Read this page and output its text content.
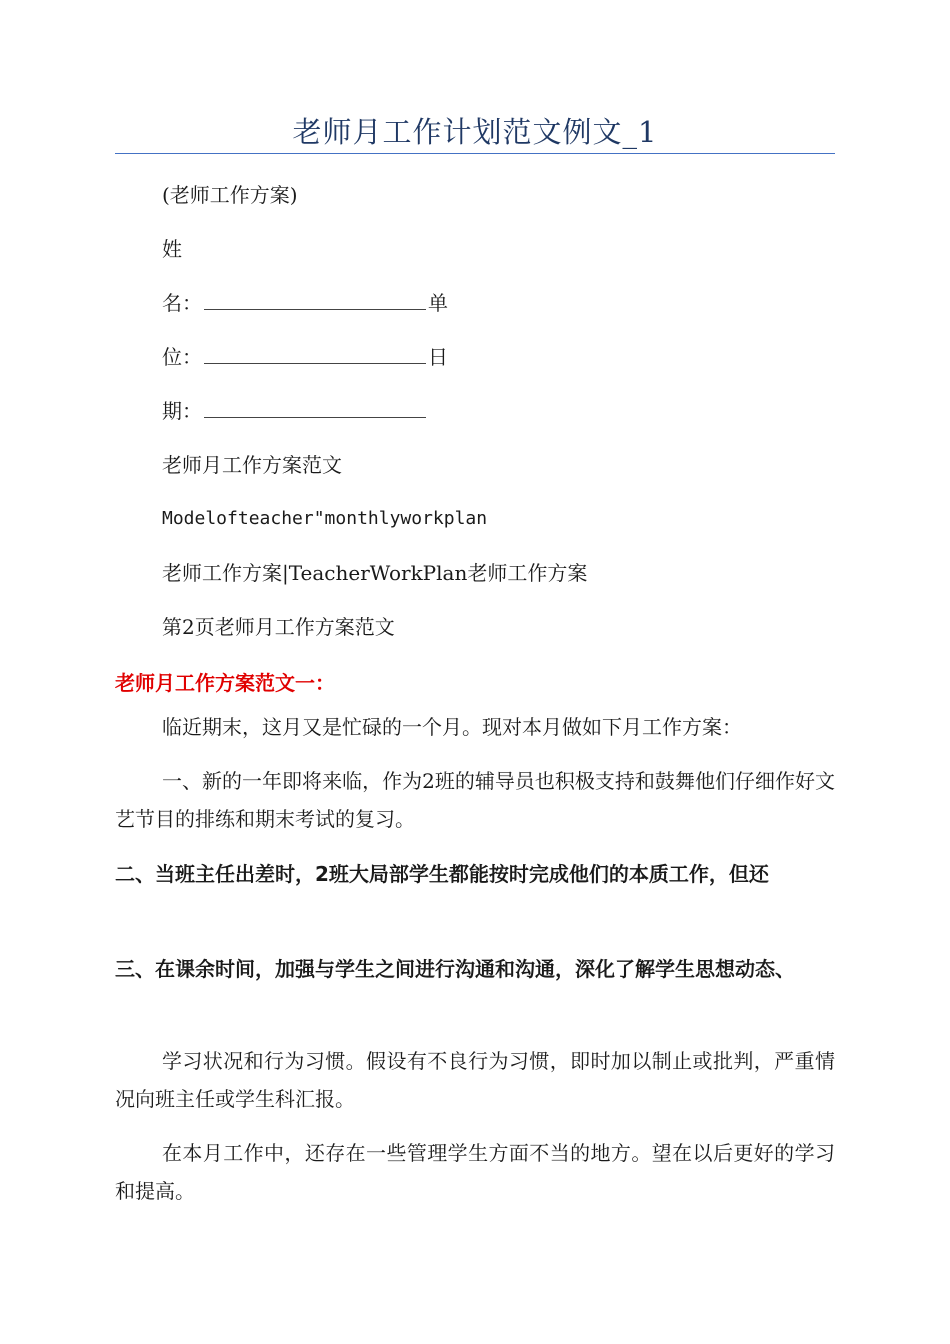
老师月工作计划范文例文_1
(老师工作方案)
姓
名：	单
位：	日
期：
老师月工作方案范文
Modelofteacher"monthlyworkplan
老师工作方案|TeacherWorkPlan老师工作方案
第2页老师月工作方案范文
老师月工作方案范文一：
临近期末，这月又是忙碌的一个月。现对本月做如下月工作方案：
一、新的一年即将来临，作为2班的辅导员也积极支持和鼓舞他们仔细作好文艺节目的排练和期末考试的复习。
二、当班主任出差时，2班大局部学生都能按时完成他们的本质工作，但还
三、在课余时间，加强与学生之间进行沟通和沟通，深化了解学生思想动态、
学习状况和行为习惯。假设有不良行为习惯，即时加以制止或批判，严重情况向班主任或学生科汇报。
在本月工作中，还存在一些管理学生方面不当的地方。望在以后更好的学习和提高。
